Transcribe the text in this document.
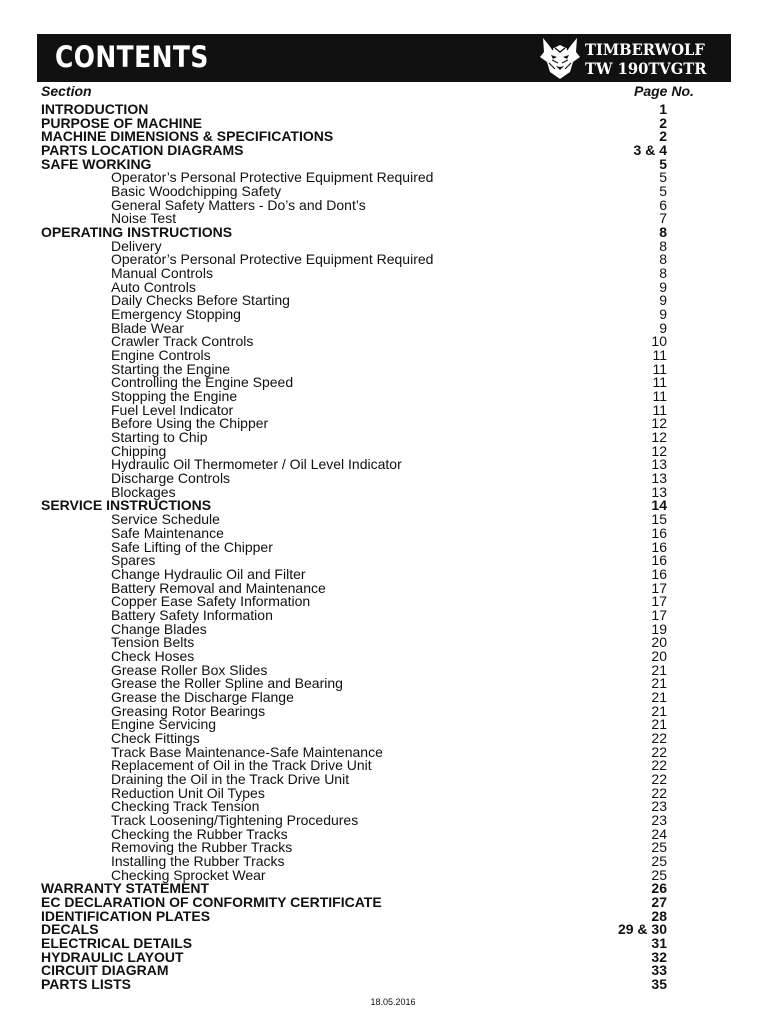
CONTENTS	TIMBERWOLF
TW 190TVGTR
Section	Page No.
INTRODUCTION	1
PURPOSE OF MACHINE	2
MACHINE DIMENSIONS & SPECIFICATIONS	2
PARTS LOCATION DIAGRAMS	3 & 4
SAFE WORKING	5
Operator’s Personal Protective Equipment Required	5
Basic Woodchipping Safety	5
General Safety Matters - Do’s and Dont’s	6
Noise Test	7
OPERATING INSTRUCTIONS	8
Delivery	8
Operator’s Personal Protective Equipment Required	8
Manual Controls	8
Auto Controls	9
Daily Checks Before Starting	9
Emergency Stopping	9
Blade Wear	9
Crawler Track Controls	10
Engine Controls	11
Starting the Engine	11
Controlling the Engine Speed	11
Stopping the Engine	11
Fuel Level Indicator	11
Before Using the Chipper	12
Starting to Chip	12
Chipping	12
Hydraulic Oil Thermometer / Oil Level Indicator	13
Discharge Controls	13
Blockages	13
SERVICE INSTRUCTIONS	14
Service Schedule	15
Safe Maintenance	16
Safe Lifting of the Chipper	16
Spares	16
Change Hydraulic Oil and Filter	16
Battery Removal and Maintenance	17
Copper Ease Safety Information	17
Battery Safety Information	17
Change Blades	19
Tension Belts	20
Check Hoses	20
Grease Roller Box Slides	21
Grease the Roller Spline and Bearing	21
Grease the Discharge Flange	21
Greasing Rotor Bearings	21
Engine Servicing	21
Check Fittings	22
Track Base Maintenance-Safe Maintenance	22
Replacement of Oil in the Track Drive Unit	22
Draining the Oil in the Track Drive Unit	22
Reduction Unit Oil Types	22
Checking Track Tension	23
Track Loosening/Tightening Procedures	23
Checking the Rubber Tracks	24
Removing the Rubber Tracks	25
Installing the Rubber Tracks	25
Checking Sprocket Wear	25
WARRANTY STATEMENT	26
EC DECLARATION OF CONFORMITY CERTIFICATE	27
IDENTIFICATION PLATES	28
DECALS	29 & 30
ELECTRICAL DETAILS	31
HYDRAULIC LAYOUT	32
CIRCUIT DIAGRAM	33
PARTS LISTS	35
18.05.2016
